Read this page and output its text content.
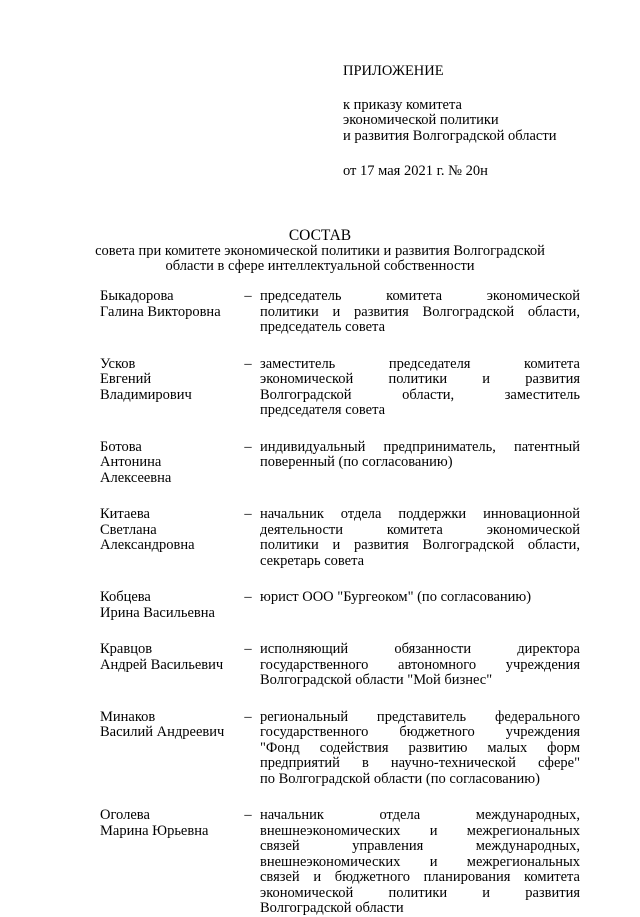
ПРИЛОЖЕНИЕ
к приказу комитета
экономической политики
и развития Волгоградской области
от 17 мая 2021 г. № 20н
СОСТАВ
совета при комитете экономической политики и развития Волгоградской
области в сфере интеллектуальной собственности
Быкадорова
Галина Викторовна
– председатель комитета экономической
политики и развития Волгоградской области,
председатель совета
Усков
Евгений
Владимирович
– заместитель председателя комитета
экономической политики и развития
Волгоградской области, заместитель
председателя совета
Ботова
Антонина
Алексеевна
– индивидуальный предприниматель, патентный
поверенный (по согласованию)
Китаева
Светлана
Александровна
– начальник отдела поддержки инновационной
деятельности комитета экономической
политики и развития Волгоградской области,
секретарь совета
Кобцева
Ирина Васильевна
– юрист ООО "Бургеоком" (по согласованию)
Кравцов
Андрей Васильевич
– исполняющий обязанности директора
государственного автономного учреждения
Волгоградской области "Мой бизнес"
Минаков
Василий Андреевич
– региональный представитель федерального
государственного бюджетного учреждения
"Фонд содействия развитию малых форм
предприятий в научно-технической сфере"
по Волгоградской области (по согласованию)
Оголева
Марина Юрьевна
– начальник отдела международных,
внешнеэкономических и межрегиональных
связей управления международных,
внешнеэкономических и межрегиональных
связей и бюджетного планирования комитета
экономической политики и развития
Волгоградской области
